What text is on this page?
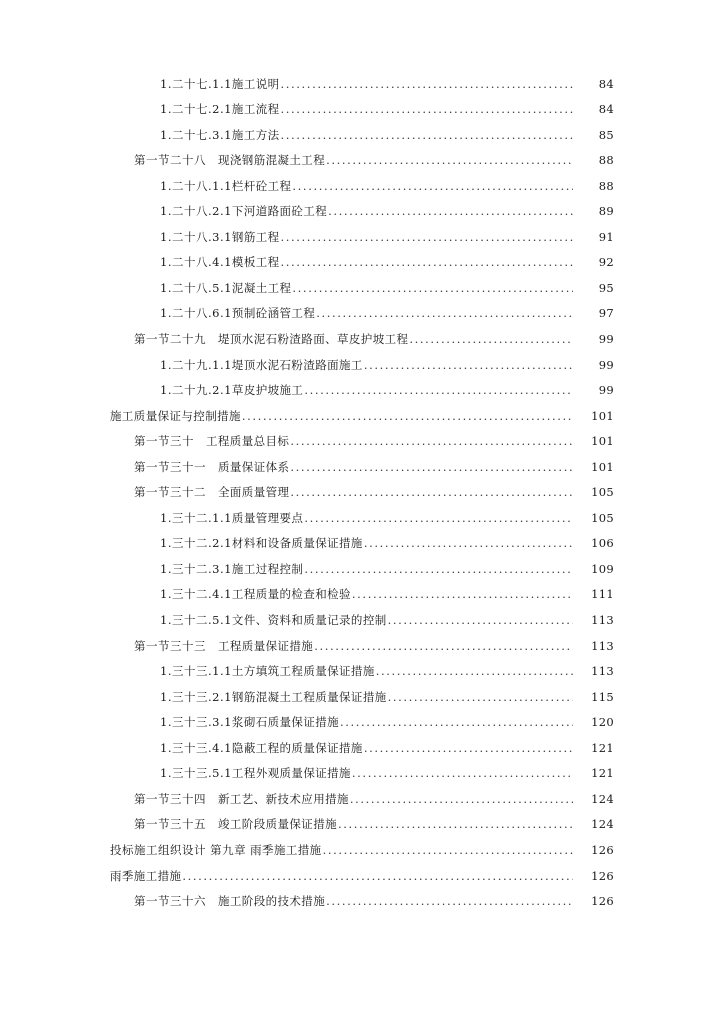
1.二十七.1.1 施工说明 .....	84
1.二十七.2.1 施工流程 .....	84
1.二十七.3.1 施工方法 .....	85
第一节二十八 现浇钢筋混凝土工程 .....	88
1.二十八.1.1 栏杆砼工程 .....	88
1.二十八.2.1 下河道路面砼工程 .....	89
1.二十八.3.1 钢筋工程 .....	91
1.二十八.4.1 模板工程 .....	92
1.二十八.5.1 泥凝土工程 .....	95
1.二十八.6.1 预制砼涵管工程 .....	97
第一节二十九 堤顶水泥石粉渣路面、草皮护坡工程 .....	99
1.二十九.1.1 堤顶水泥石粉渣路面施工 .....	99
1.二十九.2.1 草皮护坡施工 .....	99
施工质量保证与控制措施 .....	101
第一节三十 工程质量总目标 .....	101
第一节三十一 质量保证体系 .....	101
第一节三十二 全面质量管理 .....	105
1.三十二.1.1 质量管理要点 .....	105
1.三十二.2.1 材料和设备质量保证措施 .....	106
1.三十二.3.1 施工过程控制 .....	109
1.三十二.4.1 工程质量的检查和检验 .....	111
1.三十二.5.1 文件、资料和质量记录的控制 .....	113
第一节三十三 工程质量保证措施 .....	113
1.三十三.1.1 土方填筑工程质量保证措施 .....	113
1.三十三.2.1 钢筋混凝土工程质量保证措施 .....	115
1.三十三.3.1 浆砌石质量保证措施 .....	120
1.三十三.4.1 隐蔽工程的质量保证措施 .....	121
1.三十三.5.1 工程外观质量保证措施 .....	121
第一节三十四 新工艺、新技术应用措施 .....	124
第一节三十五 竣工阶段质量保证措施 .....	124
投标施工组织设计 第九章 雨季施工措施 .....	126
雨季施工措施 .....	126
第一节三十六 施工阶段的技术措施 .....	126
